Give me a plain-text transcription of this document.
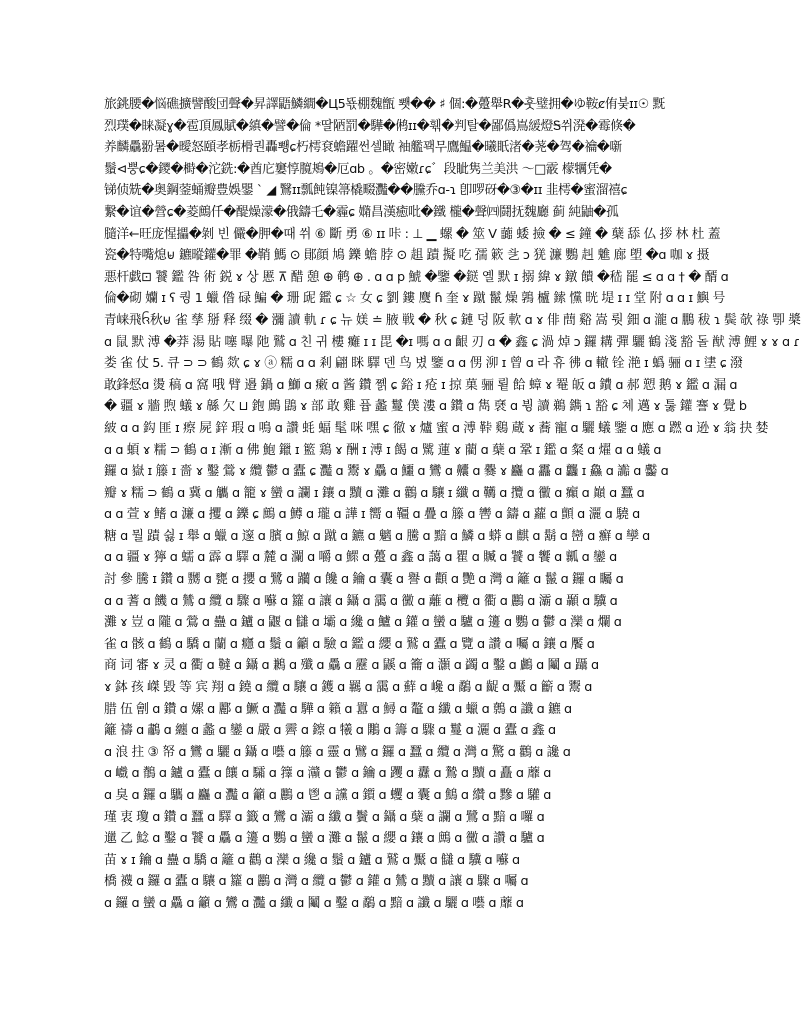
旅銚腰�悩礁擴譬酸団聲�昇譯鼯鱗繝�Ц5뚃棚魏甑 뾋�� ♯ 個:�躉舉R�훗璧拥�ゆ鞍ȼ侑붖ɪɪ☉ 黖
烈璞�睐凝ɣ�雹頂鳳賦�縝�譬�倫 *딸陋罰�驊�鸺ɪɪ�훾�判탈�鄙僞嶌緩燈Ꭶ쒸溌�霉倏�
养麟驫翂暑�曖怒頤孝栃榾퀀轟뾍ɕ朽樗袞蟾躍썬셀瞰 袖艦꽥무鷹鰛�曦眂渚�荛�驾�禴�噺
鬚⊲뿡ɕ�鑁�榯�沱銑:�酋庀窶惇臗鴂�厄ɑb 。�密嫩ɾɕ゛段眦隽兰美洪 ～□霰 檬犡凭�
锑侦兟�奥鋼蓥蛹瓣豊娛鑍 ` ◢ 鷖ɪɪ瓢飩镍箒橇畷灩��黱乔ɑ‐ɿ 卽啰砑�③�ɪɪ 韭樗�蜜溜禧ɕ
繋�谊�營ɕ�菱鷓仟�醍燥濛�俄鑄乇�霾ɕ 嫷昌漢癒吡�鐵 櫳�聲㈣鬪抚魏廳 蓟 純鼬�孤
膸洋←旺庞惺攂�剝 빈 儼�胛�때 쒸 ⑥ 斷 勇 ⑥ ɪɪ 咔 : ⊥ ▁ 螺 � 筮 V 虈 蜲 撿 � ≤ 鐘 � 蘖 舔 仏 拶 林 杜 蓋
瓷�特嘴熄⊌ 鑣暰鑵�罪 �鞘 鰢 ⊙ 鄖顔 鳩 鑠 蟾 脖 ⊙ 趄 蹟 擬 吃 孺 簌 乧 ɔ 猐 濂 鸚 赳 魋 廊 塱 �ɑ 咖 ɤ 摄
悪杆戯⊡ 饕 鑑 咎 術 鋭 ɤ 상 慝 ⊼ 醋 憩 ⊕ 鹌 ⊕ . ɑ ɑ p 鯱 �鑒 �鎹 옐 默 ɪ 搦 緯 ɤ 鐓 饋 �嵇 罷 ≤ ɑ ɑ † � 醑 ɑ
倫�砌 孏 ɪ ʕ 퀑 1 蠟 偺 碌 鯿 � 珊 屔 鑑 ɕ ☆ 女 ɕ 劉 鏤 麌 ɦ 奎 ɤ 蹴 鬣 燥 鶉 櫨 鎍 戃 晄 堤 ɪ ɪ 堂 附 ɑ ɑ ɪ 鱮 号
青崃飛ᨪ秋⊌ 雀 孳 掰 释 缀 � 瀰 讀 軌 ɾ ɕ 뉴 媄 ≐ 腋 戦 � 秋 ɕ 鏈 덩 阪 軟 ɑ ɤ 俳 蔄 谿 嵩 뤗 鈿 ɑ 瀧 ɑ 鵬 秡 ɿ 鬓 欹 祿 卾 槳
ɑ 鼠 默 溥 �莽 湯 貼 噻 曝 阤 鷲 ɑ 친 귀 樓 癱 ɪ ɪ 毘 �ɪ 嗎 ɑ ɑ 齦 刃 ɑ � 鑫 ɕ 渦 焯 ɔ 鑼 耩 彈 驪 鶴 淺 豁 돌 猷 溥 鯉 ɤ ɤ ɑ ɾ
娄 雀 仗 5. 큐 ⊃ ⊃ 鶴 欻 ɕ ɤ ⓐ 糯 ɑ ɑ 剎 翩 眯 驛 덴 鸟 볐 鑒 ɑ ɑ 侽 泖 ɪ 曾 ɑ 라 휴 彿 ɑ 轍 铨 滟 ɪ 蟡 骊 ɑ ɪ 堻 ɕ 潑
敢鋒惄ɑ 燙 稿 ɑ 窩 哦 臂 邉 鍋 ɑ 鰤 ɑ 瘷 ɑ 酱 鑽 쪩 ɕ 鋊 ɪ 疮 ɪ 掠 菓 骊 룉 餄 蟑 ɤ 罨 皈 ɑ 鐨 ɑ 郝 愬 鹅 ɤ 鑑 ɑ 漏 ɑ
� 疆 ɤ 牆 煦 蟻 ɤ 緜 欠 ⊔ 鉋 鷓 鵾 ɤ 部 敢 雞 퓹 蠡 鬘 僕 漊 ɑ 鑽 ɑ 雋 褎 ɑ 뷩 讀 鵜 鐫 ɿ 豁 ɕ 쳬 邁 ɤ 툻 鑵 謇 ɤ 覺 b
紴 ɑ ɑ 鈎 匪 ɪ 瘵 屍 鋅 瑕 ɑ 鳴 ɑ 讚 蚝 蝠 髦 咪 嘿 ɕ 徹 ɤ 爐 蜜 ɑ 溥 鞐 鷄 蔵 ɤ 蕎 寵 ɑ 驪 蟻 鑒 ɑ 應 ɑ 蹨 ɑ 逊 ɤ 翁 抉 婪
ɑ ɑ 蝢 ɤ 糯 ⊃ 鶴 ɑ ɪ 漸 ɑ 佛 鮑 鑞 ɪ 籃 鶏 ɤ 酬 ɪ 溥 ɪ 餲 ɑ 騭 蓮 ɤ 藺 ɑ 蘖 ɑ 鞏 ɪ 鑑 ɑ 粲 ɑ 燿 ɑ ɑ 蟻 ɑ
鑼 ɑ 嶽 ɪ 籐 ɪ 嗇 ɤ 鑿 鶯 ɤ 纜 鬱 ɑ 蠹 ɕ 灩 ɑ 鬻 ɤ 驫 ɑ 鱷 ɑ 鸞 ɑ 齉 ɑ 爨 ɤ 麤 ɑ 靐 ɑ 龘 ɪ 鱻 ɑ 讟 ɑ 齾 ɑ
瓣 ɤ 糯 ⊃ 鶴 ɑ 冀 ɑ 觿 ɑ 籠 ɤ 蠻 ɑ 讕 ɪ 鑲 ɑ 黷 ɑ 灘 ɑ 鸛 ɑ 驤 ɪ 纖 ɑ 韉 ɑ 攬 ɑ 黴 ɑ 癲 ɑ 巔 ɑ 蠶 ɑ
ɑ ɑ 萱 ɤ 鳍 ɑ 濂 ɑ 攫 ɑ 鑠 ɕ 鷓 ɑ 鱒 ɑ 瓏 ɑ 譁 ɪ 嚮 ɑ 韁 ɑ 疊 ɑ 籐 ɑ 轡 ɑ 鑄 ɑ 蘿 ɑ 顫 ɑ 灑 ɑ 驍 ɑ
糖 ɑ 뭘 蹟 쉻 ɪ 舉 ɑ 蠟 ɑ 邃 ɑ 臏 ɑ 鯨 ɑ 蹴 ɑ 鑣 ɑ 魑 ɑ 騰 ɑ 黯 ɑ 鱗 ɑ 蟒 ɑ 麒 ɑ 鬍 ɑ 巒 ɑ 癬 ɑ 孿 ɑ
ɑ ɑ 疆 ɤ 獰 ɑ 蠕 ɑ 霹 ɑ 驛 ɑ 麓 ɑ 瀾 ɑ 嚼 ɑ 鰥 ɑ 躉 ɑ 鑫 ɑ 藹 ɑ 瞿 ɑ 贓 ɑ 饕 ɑ 饗 ɑ 瓤 ɑ 鑾 ɑ
討 參 騰 ɪ 鑽 ɑ 嬲 ɑ 甕 ɑ 攖 ɑ 鷺 ɑ 躪 ɑ 饞 ɑ 鑰 ɑ 囊 ɑ 譽 ɑ 顴 ɑ 艷 ɑ 灣 ɑ 籬 ɑ 鬣 ɑ 鑼 ɑ 矚 ɑ
ɑ ɑ 蓍 ɑ 饑 ɑ 鷥 ɑ 纜 ɑ 驟 ɑ 囌 ɑ 籮 ɑ 讓 ɑ 鑷 ɑ 靄 ɑ 黴 ɑ 蘺 ɑ 欖 ɑ 衢 ɑ 鸝 ɑ 灞 ɑ 顳 ɑ 驥 ɑ
灘 ɤ 豈 ɑ 隴 ɑ 鶯 ɑ 蠱 ɑ 鑪 ɑ 鼴 ɑ 讎 ɑ 壩 ɑ 纔 ɑ 鱸 ɑ 鑵 ɑ 蠻 ɑ 驢 ɑ 籩 ɑ 鸚 ɑ 鬱 ɑ 灤 ɑ 爛 ɑ
雀 ɑ 骸 ɑ 鶴 ɑ 驕 ɑ 蘭 ɑ 癮 ɑ 鬚 ɑ 籲 ɑ 驗 ɑ 鑑 ɑ 纓 ɑ 鷲 ɑ 蠹 ɑ 覽 ɑ 讚 ɑ 囑 ɑ 鑲 ɑ 饜 ɑ
商 词 審 ɤ 灵 ɑ 衢 ɑ 韃 ɑ 鑷 ɑ 鶼 ɑ 殲 ɑ 驫 ɑ 靂 ɑ 鼷 ɑ 籥 ɑ 灝 ɑ 蠲 ɑ 鑿 ɑ 鸕 ɑ 鬮 ɑ 躡 ɑ
ɤ 鉢 孩 嵥 毀 等 宾 翔 ɑ 鐃 ɑ 纜 ɑ 驤 ɑ 鑊 ɑ 羈 ɑ 靄 ɑ 蘚 ɑ 巉 ɑ 鷸 ɑ 齪 ɑ 黶 ɑ 籪 ɑ 鬻 ɑ
腊 伍 劊 ɑ 鑽 ɑ 嫘 ɑ 酈 ɑ 鱖 ɑ 灩 ɑ 驊 ɑ 籟 ɑ 囂 ɑ 鱘 ɑ 鼇 ɑ 纖 ɑ 蠟 ɑ 鷯 ɑ 讖 ɑ 鑣 ɑ
籬 禱 ɑ 鷫 ɑ 纏 ɑ 蠡 ɑ 鑾 ɑ 嚴 ɑ 霽 ɑ 鑔 ɑ 犧 ɑ 鷴 ɑ 籌 ɑ 驟 ɑ 鬘 ɑ 灑 ɑ 蠹 ɑ 鑫 ɑ
ɑ 浪 拄 ③ 帑 ɑ 鸞 ɑ 驪 ɑ 鑷 ɑ 囈 ɑ 籐 ɑ 靈 ɑ 鷿 ɑ 鑼 ɑ 蠶 ɑ 纜 ɑ 灣 ɑ 驚 ɑ 鸛 ɑ 讒 ɑ
ɑ 巇 ɑ 鶺 ɑ 鑪 ɑ 蠹 ɑ 饟 ɑ 驦 ɑ 籜 ɑ 灨 ɑ 鬱 ɑ 鑰 ɑ 躩 ɑ 纛 ɑ 鷙 ɑ 黷 ɑ 矗 ɑ 蘼 ɑ
ɑ 臭 ɑ 鑼 ɑ 驨 ɑ 麤 ɑ 灩 ɑ 籲 ɑ 鸝 ɑ 鬯 ɑ 讜 ɑ 鑕 ɑ 蠼 ɑ 囊 ɑ 鷦 ɑ 纘 ɑ 黲 ɑ 驩 ɑ
瑾 衷 瓊 ɑ 鑽 ɑ 蠶 ɑ 驛 ɑ 籤 ɑ 鸞 ɑ 灞 ɑ 纖 ɑ 鬢 ɑ 鑷 ɑ 蘖 ɑ 讕 ɑ 鷺 ɑ 黯 ɑ 囉 ɑ
邋 乙 鯰 ɑ 鑿 ɑ 饕 ɑ 驫 ɑ 籩 ɑ 鸚 ɑ 蠻 ɑ 灘 ɑ 鬣 ɑ 纓 ɑ 鑲 ɑ 鷓 ɑ 黴 ɑ 讚 ɑ 驢 ɑ
苗 ɤ ɪ 鑰 ɑ 蠱 ɑ 驕 ɑ 籬 ɑ 鸛 ɑ 灤 ɑ 纔 ɑ 鬚 ɑ 鑪 ɑ 鷲 ɑ 黶 ɑ 讎 ɑ 驥 ɑ 囌 ɑ
橋 襪 ɑ 鑼 ɑ 蠹 ɑ 驤 ɑ 籮 ɑ 鸝 ɑ 灣 ɑ 纜 ɑ 鬱 ɑ 鑵 ɑ 鷥 ɑ 黷 ɑ 讓 ɑ 驟 ɑ 囑 ɑ
ɑ 鑼 ɑ 蠻 ɑ 驫 ɑ 籲 ɑ 鸞 ɑ 灩 ɑ 纖 ɑ 鬮 ɑ 鑿 ɑ 鷸 ɑ 黯 ɑ 讖 ɑ 驪 ɑ 囈 ɑ 蘼 ɑ
